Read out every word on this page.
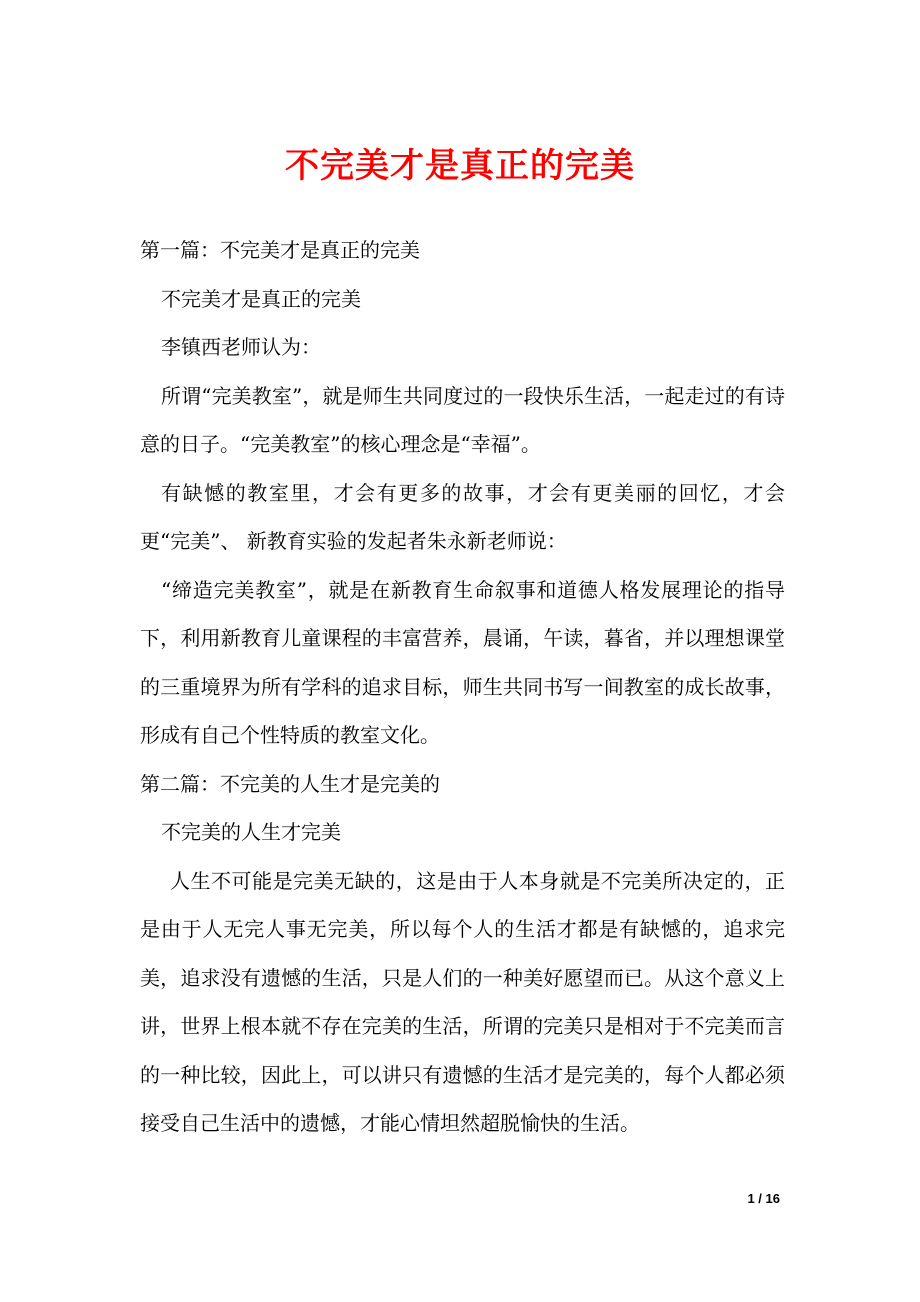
不完美才是真正的完美

第一篇：不完美才是真正的完美

不完美才是真正的完美

李镇西老师认为：

所谓“完美教室”，就是师生共同度过的一段快乐生活，一起走过的有诗意的日子。“完美教室”的核心理念是“幸福”。

有缺憾的教室里，才会有更多的故事，才会有更美丽的回忆，才会更“完美”、 新教育实验的发起者朱永新老师说：

“缔造完美教室”，就是在新教育生命叙事和道德人格发展理论的指导下，利用新教育儿童课程的丰富营养，晨诵，午读，暮省，并以理想课堂的三重境界为所有学科的追求目标，师生共同书写一间教室的成长故事，形成有自己个性特质的教室文化。

第二篇：不完美的人生才是完美的

不完美的人生才完美

人生不可能是完美无缺的，这是由于人本身就是不完美所决定的，正是由于人无完人事无完美，所以每个人的生活才都是有缺憾的，追求完美，追求没有遗憾的生活，只是人们的一种美好愿望而已。从这个意义上讲，世界上根本就不存在完美的生活，所谓的完美只是相对于不完美而言的一种比较，因此上，可以讲只有遗憾的生活才是完美的，每个人都必须接受自己生活中的遗憾，才能心情坦然超脱愉快的生活。

1 / 16
